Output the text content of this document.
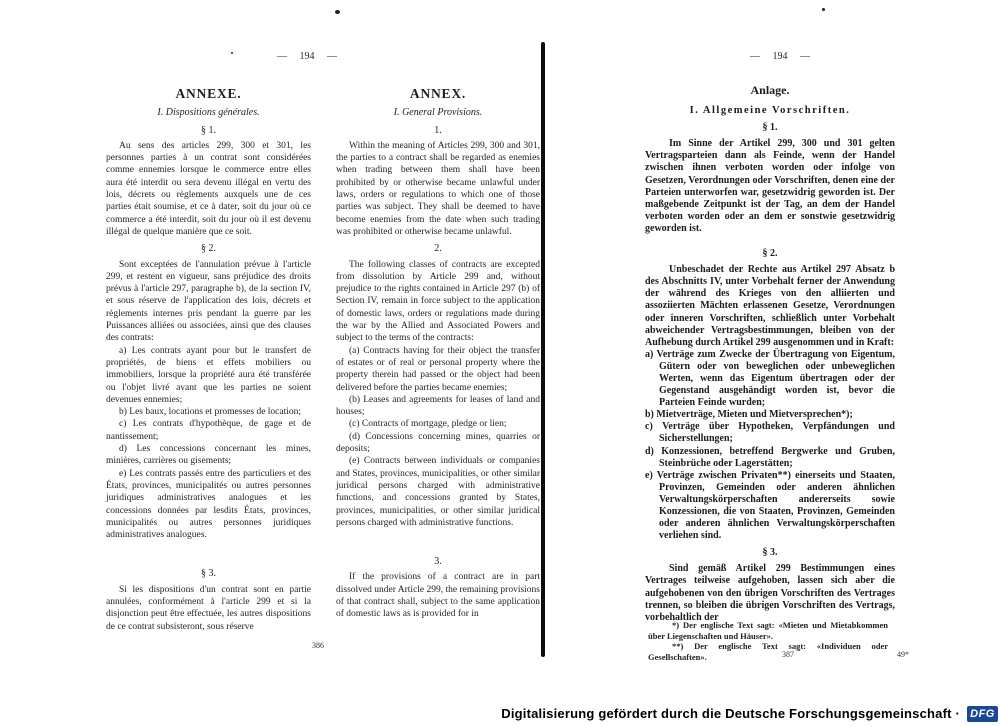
— 194 —	— 194 —
ANNEXE.
I. Dispositions générales.
§ 1.

Au sens des articles 299, 300 et 301, les personnes parties à un contrat sont considérées comme ennemies lorsque le commerce entre elles aura été interdit ou sera devenu illégal en vertu des lois, décrets ou règlements auxquels une de ces parties était soumise, et ce à dater, soit du jour où ce commerce a été interdit, soit du jour où il est devenu illégal de quelque manière que ce soit.

§ 2.

Sont exceptées de l'annulation prévue à l'article 299, et restent en vigueur, sans préjudice des droits prévus à l'article 297, paragraphe b), de la section IV, et sous réserve de l'application des lois, décrets et règlements internes pris pendant la guerre par les Puissances alliées ou associées, ainsi que des clauses des contrats:

a) Les contrats ayant pour but le transfert de propriétés, de biens et effets mobiliers ou immobiliers, lorsque la propriété aura été transférée ou l'objet livré avant que les parties ne soient devenues ennemies;

b) Les baux, locations et promesses de location;

c) Les contrats d'hypothèque, de gage et de nantissement;

d) Les concessions concernant les mines, minières, carrières ou gisements;

e) Les contrats passés entre des particuliers et des États, provinces, municipalités ou autres personnes juridiques administratives analogues et les concessions données par lesdits États, provinces, municipalités ou autres personnes juridiques administratives analogues.

§ 3.

Si les dispositions d'un contrat sont en partie annulées, conformément à l'article 299 et si la disjonction peut être effectuée, les autres dispositions de ce contrat subsisteront, sous réserve

ANNEX.
I. General Provisions.
1.

Within the meaning of Articles 299, 300 and 301, the parties to a contract shall be regarded as enemies when trading between them shall have been prohibited by or otherwise became unlawful under laws, orders or regulations to which one of those parties was subject. They shall be deemed to have become enemies from the date when such trading was prohibited or otherwise became unlawful.

2.

The following classes of contracts are excepted from dissolution by Article 299 and, without prejudice to the rights contained in Article 297 (b) of Section IV, remain in force subject to the application of domestic laws, orders or regulations made during the war by the Allied and Associated Powers and subject to the terms of the contracts:

(a) Contracts having for their object the transfer of estates or of real or personal property where the property therein had passed or the object had been delivered before the parties became enemies;

(b) Leases and agreements for leases of land and houses;

(c) Contracts of mortgage, pledge or lien;

(d) Concessions concerning mines, quarries or deposits;

(e) Contracts between individuals or companies and States, provinces, municipalities, or other similar juridical persons charged with administrative functions, and concessions granted by States, provinces, municipalities, or other similar juridical persons charged with administrative functions.

3.

If the provisions of a contract are in part dissolved under Article 299, the remaining provisions of that contract shall, subject to the same application of domestic laws as is provided for in

Anlage.
I. Allgemeine Vorschriften.
§ 1.

Im Sinne der Artikel 299, 300 und 301 gelten Vertragsparteien dann als Feinde, wenn der Handel zwischen ihnen verboten worden oder infolge von Gesetzen, Verordnungen oder Vorschriften, denen eine der Parteien unterworfen war, gesetzwidrig geworden ist. Der maßgebende Zeitpunkt ist der Tag, an dem der Handel verboten worden oder an dem er sonstwie gesetzwidrig geworden ist.

§ 2.

Unbeschadet der Rechte aus Artikel 297 Absatz b des Abschnitts IV, unter Vorbehalt ferner der Anwendung der während des Krieges von den alliierten und assoziierten Mächten erlassenen Gesetze, Verordnungen oder inneren Vorschriften, schließlich unter Vorbehalt abweichender Vertragsbestimmungen, bleiben von der Aufhebung durch Artikel 299 ausgenommen und in Kraft:

a) Verträge zum Zwecke der Übertragung von Eigentum, Gütern oder von beweglichen oder unbeweglichen Werten, wenn das Eigentum übertragen oder der Gegenstand ausgehändigt worden ist, bevor die Parteien Feinde wurden;

b) Mietverträge, Mieten und Mietversprechen*);

c) Verträge über Hypotheken, Verpfändungen und Sicherstellungen;

d) Konzessionen, betreffend Bergwerke und Gruben, Steinbrüche oder Lagerstätten;

e) Verträge zwischen Privaten**) einerseits und Staaten, Provinzen, Gemeinden oder anderen ähnlichen Verwaltungskörperschaften andererseits sowie Konzessionen, die von Staaten, Provinzen, Gemeinden oder anderen ähnlichen Verwaltungskörperschaften verliehen sind.

§ 3.

Sind gemäß Artikel 299 Bestimmungen eines Vertrages teilweise aufgehoben, lassen sich aber die aufgehobenen von den übrigen Vorschriften des Vertrages trennen, so bleiben die übrigen Vorschriften des Vertrags, vorbehaltlich der

*) Der englische Text sagt: «Mieten und Mietabkommen über Liegenschaften und Häuser».

**) Der englische Text sagt: «Individuen oder Gesellschaften».

386
387	49*
Digitalisierung gefördert durch die Deutsche Forschungsgemeinschaft · DFG
